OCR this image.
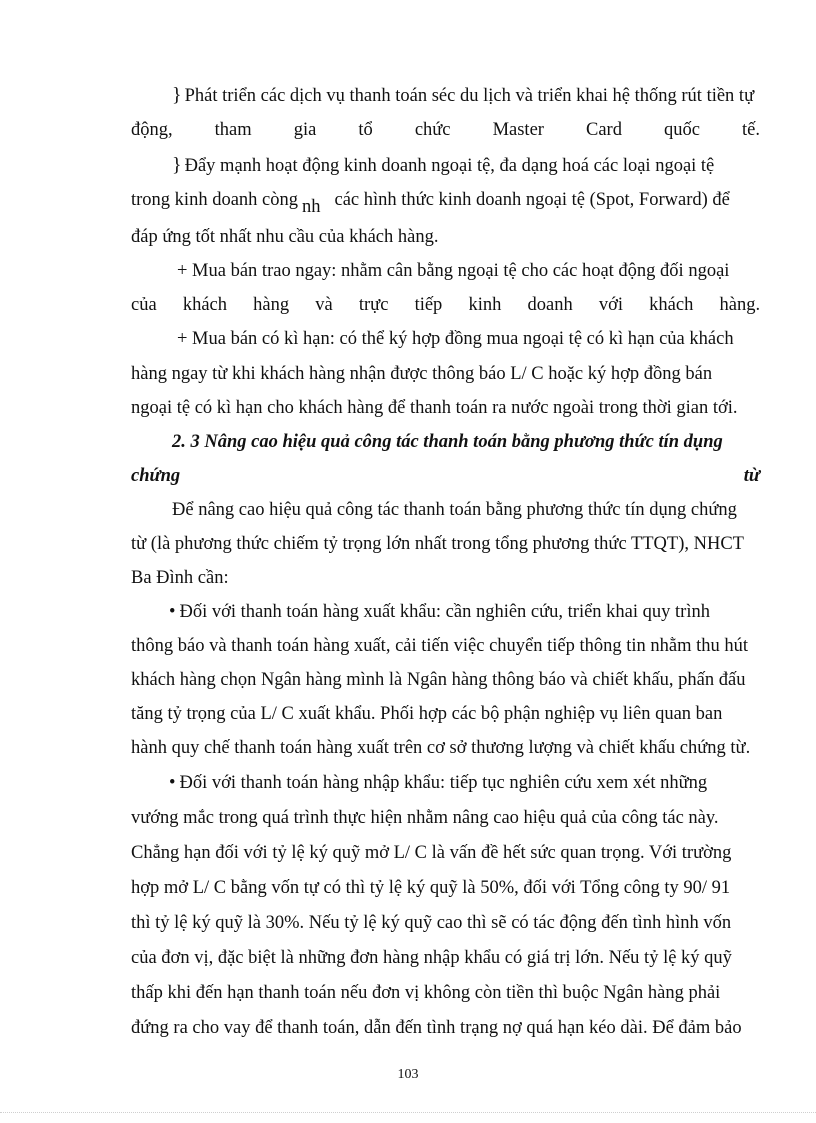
} Phát triển các dịch vụ thanh toán séc du lịch và triển khai hệ thống rút tiền tự
động, tham gia tổ chức Master Card quốc tế.
} Đẩy mạnh hoạt động kinh doanh ngoại tệ, đa dạng hoá các loại ngoại tệ
trong kinh doanh còng nh các hình thức kinh doanh ngoại tệ (Spot, Forward) để
đáp ứng tốt nhất nhu cầu của khách hàng.
+ Mua bán trao ngay: nhằm cân bằng ngoại tệ cho các hoạt động đối ngoại
của khách hàng và trực tiếp kinh doanh với khách hàng.
+ Mua bán có kì hạn: có thể ký hợp đồng mua ngoại tệ có kì hạn của khách
hàng ngay từ khi khách hàng nhận được thông báo L/ C hoặc ký hợp đồng bán
ngoại tệ có kì hạn cho khách hàng để thanh toán ra nước ngoài trong thời gian tới.
2. 3 Nâng cao hiệu quả công tác thanh toán bằng phương thức tín dụng
chứng	từ
Để nâng cao hiệu quả công tác thanh toán bằng phương thức tín dụng chứng
từ (là phương thức chiếm tỷ trọng lớn nhất trong tổng phương thức TTQT), NHCT
Ba Đình cần:
• Đối với thanh toán hàng xuất khẩu: cần nghiên cứu, triển khai quy trình
thông báo và thanh toán hàng xuất, cải tiến việc chuyển tiếp thông tin nhằm thu hút
khách hàng chọn Ngân hàng mình là Ngân hàng thông báo và chiết khấu, phấn đấu
tăng tỷ trọng của L/ C xuất khẩu. Phối hợp các bộ phận nghiệp vụ liên quan ban
hành quy chế thanh toán hàng xuất trên cơ sở thương lượng và chiết khấu chứng từ.
• Đối với thanh toán hàng nhập khẩu: tiếp tục nghiên cứu xem xét những
vướng mắc trong quá trình thực hiện nhằm nâng cao hiệu quả của công tác này.
Chẳng hạn đối với tỷ lệ ký quỹ mở L/ C là vấn đề hết sức quan trọng. Với trường
hợp mở L/ C bằng vốn tự có thì tỷ lệ ký quỹ là 50%, đối với Tổng công ty 90/ 91
thì tỷ lệ ký quỹ là 30%. Nếu tỷ lệ ký quỹ cao thì sẽ có tác động đến tình hình vốn
của đơn vị, đặc biệt là những đơn hàng nhập khẩu có giá trị lớn. Nếu tỷ lệ ký quỹ
thấp khi đến hạn thanh toán nếu đơn vị không còn tiền thì buộc Ngân hàng phải
đứng ra cho vay để thanh toán, dẫn đến tình trạng nợ quá hạn kéo dài. Để đảm bảo
103
